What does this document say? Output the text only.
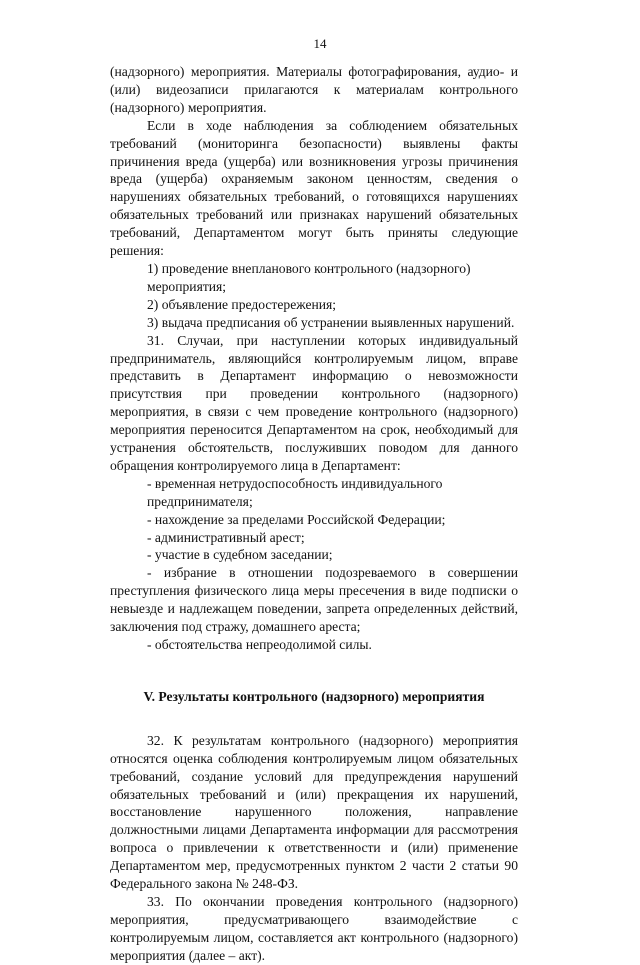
14

(надзорного) мероприятия. Материалы фотографирования, аудио- и (или) видеозаписи прилагаются к материалам контрольного (надзорного) мероприятия.

Если в ходе наблюдения за соблюдением обязательных требований (мониторинга безопасности) выявлены факты причинения вреда (ущерба) или возникновения угрозы причинения вреда (ущерба) охраняемым законом ценностям, сведения о нарушениях обязательных требований, о готовящихся нарушениях обязательных требований или признаках нарушений обязательных требований, Департаментом могут быть приняты следующие решения:

1) проведение внепланового контрольного (надзорного) мероприятия;

2) объявление предостережения;

3) выдача предписания об устранении выявленных нарушений.

31. Случаи, при наступлении которых индивидуальный предприниматель, являющийся контролируемым лицом, вправе представить в Департамент информацию о невозможности присутствия при проведении контрольного (надзорного) мероприятия, в связи с чем проведение контрольного (надзорного) мероприятия переносится Департаментом на срок, необходимый для устранения обстоятельств, послуживших поводом для данного обращения контролируемого лица в Департамент:

- временная нетрудоспособность индивидуального предпринимателя;

- нахождение за пределами Российской Федерации;

- административный арест;

- участие в судебном заседании;

- избрание в отношении подозреваемого в совершении преступления физического лица меры пресечения в виде подписки о невыезде и надлежащем поведении, запрета определенных действий, заключения под стражу, домашнего ареста;

- обстоятельства непреодолимой силы.

V. Результаты контрольного (надзорного) мероприятия

32. К результатам контрольного (надзорного) мероприятия относятся оценка соблюдения контролируемым лицом обязательных требований, создание условий для предупреждения нарушений обязательных требований и (или) прекращения их нарушений, восстановление нарушенного положения, направление должностными лицами Департамента информации для рассмотрения вопроса о привлечении к ответственности и (или) применение Департаментом мер, предусмотренных пунктом 2 части 2 статьи 90 Федерального закона № 248-ФЗ.

33. По окончании проведения контрольного (надзорного) мероприятия, предусматривающего взаимодействие с контролируемым лицом, составляется акт контрольного (надзорного) мероприятия (далее – акт).
